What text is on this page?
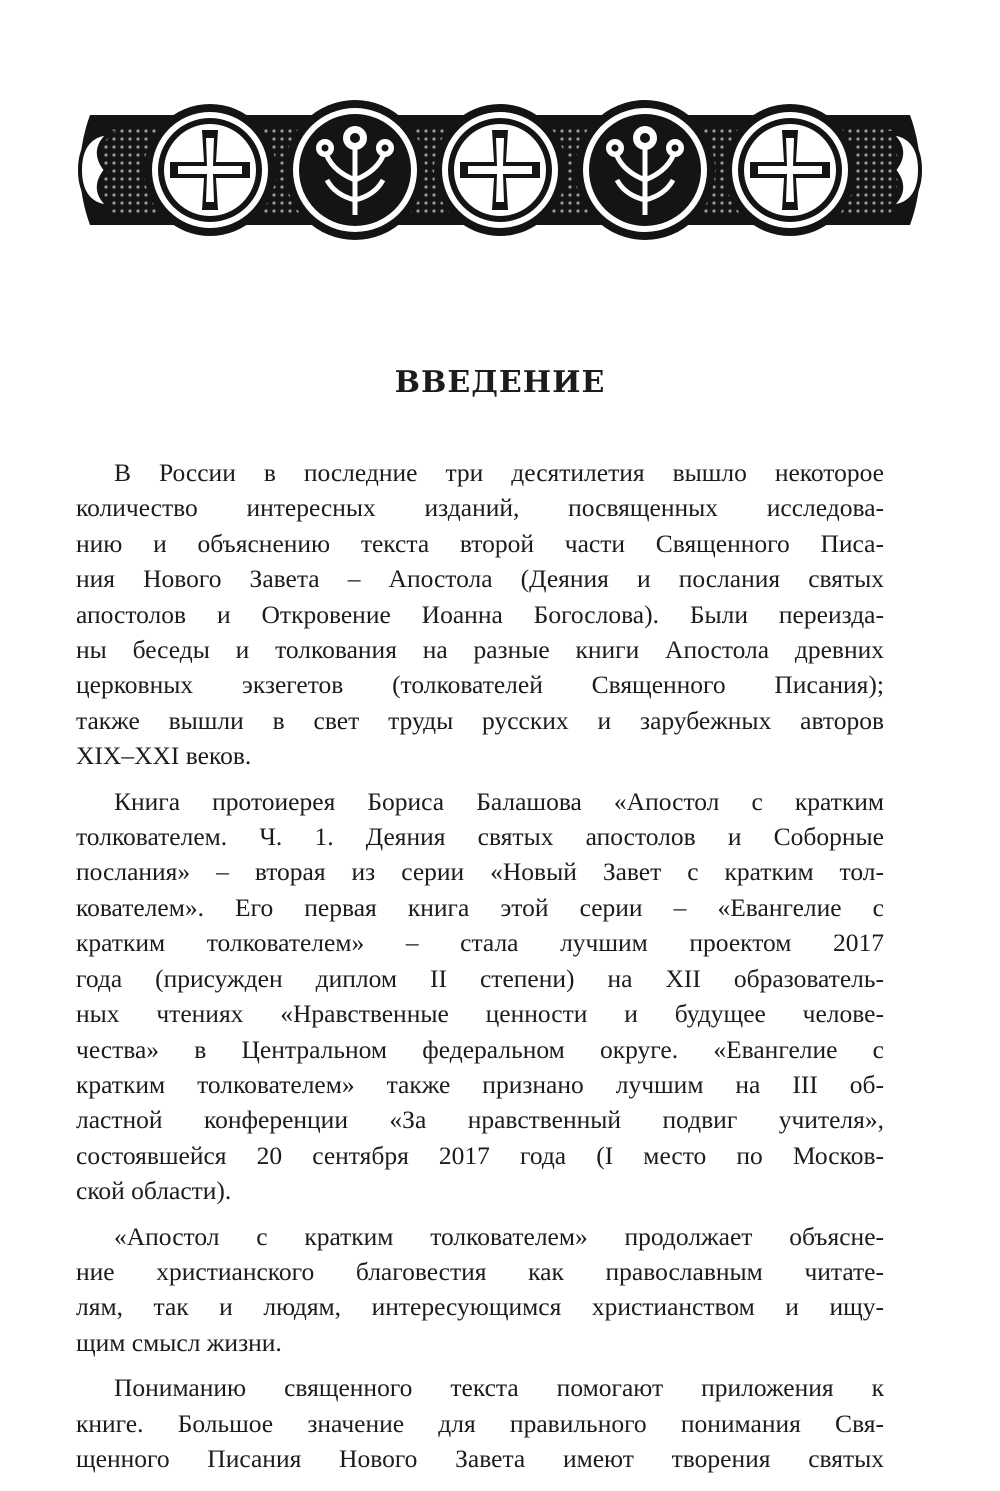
ВВЕДЕНИЕ
В России в последние три десятилетия вышло некоторое
количество интересных изданий, посвященных исследова-
нию и объяснению текста второй части Священного Писа-
ния Нового Завета – Апостола (Деяния и послания святых
апостолов и Откровение Иоанна Богослова). Были переизда-
ны беседы и толкования на разные книги Апостола древних
церковных экзегетов (толкователей Священного Писания);
также вышли в свет труды русских и зарубежных авторов
XIX–XXI веков.
Книга протоиерея Бориса Балашова «Апостол с кратким
толкователем. Ч. 1. Деяния святых апостолов и Соборные
послания» – вторая из серии «Новый Завет с кратким тол-
кователем». Его первая книга этой серии – «Евангелие с
кратким толкователем» – стала лучшим проектом 2017
года (присужден диплом II степени) на XII образователь-
ных чтениях «Нравственные ценности и будущее челове-
чества» в Центральном федеральном округе. «Евангелие с
кратким толкователем» также признано лучшим на III об-
ластной конференции «За нравственный подвиг учителя»,
состоявшейся 20 сентября 2017 года (I место по Москов-
ской области).
«Апостол с кратким толкователем» продолжает объясне-
ние христианского благовестия как православным читате-
лям, так и людям, интересующимся христианством и ищу-
щим смысл жизни.
Пониманию священного текста помогают приложения к
книге. Большое значение для правильного понимания Свя-
щенного Писания Нового Завета имеют творения святых
